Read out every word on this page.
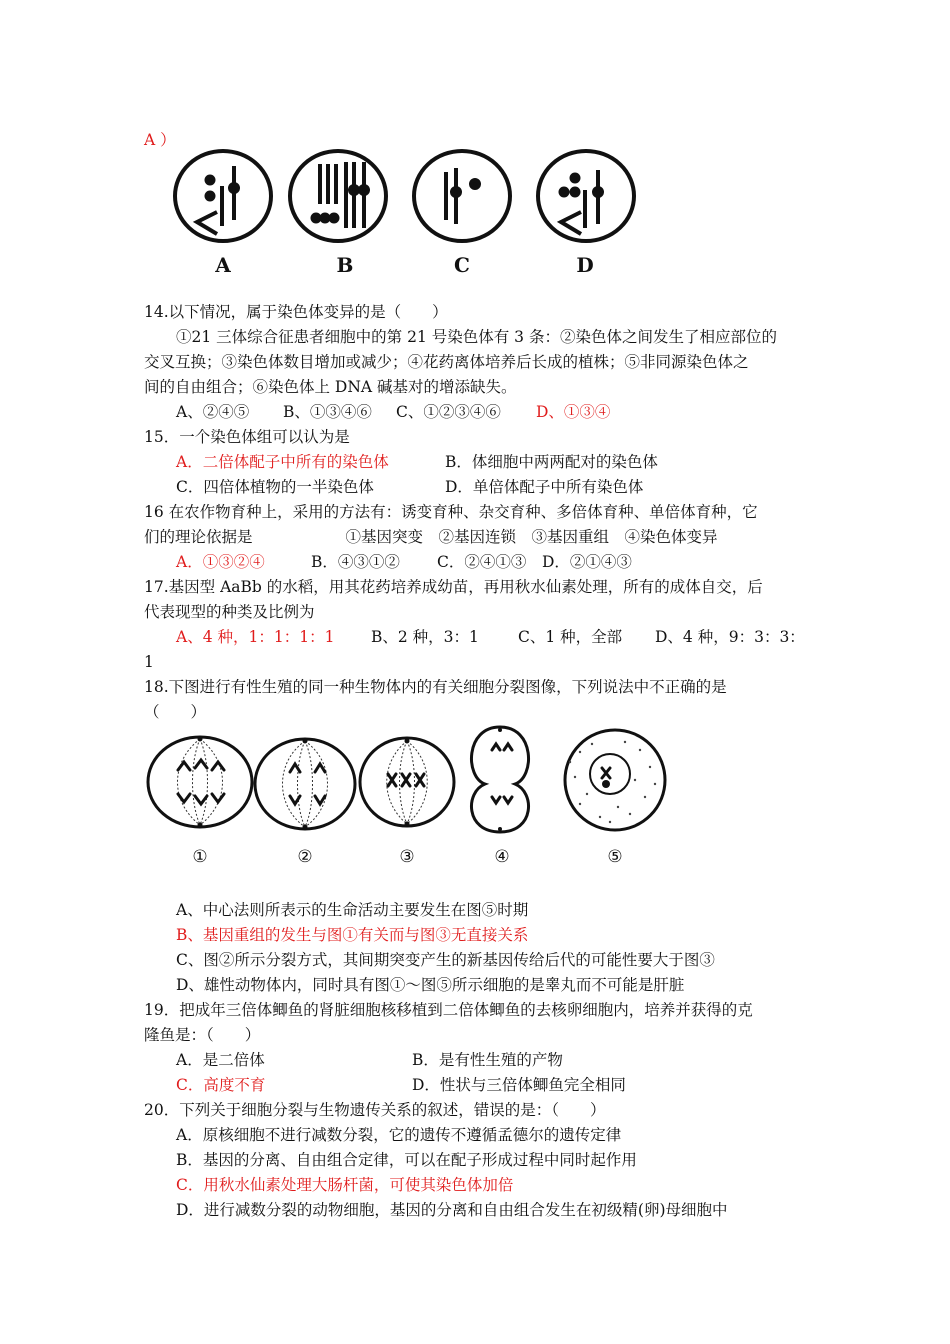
A ）
A	B	C	D
14.以下情况，属于染色体变异的是（　　）
①21 三体综合征患者细胞中的第 21 号染色体有 3 条：②染色体之间发生了相应部位的
交叉互换；③染色体数目增加或减少；④花药离体培养后长成的植株；⑤非同源染色体之
间的自由组合；⑥染色体上 DNA 碱基对的增添缺失。
A、②④⑤ B、①③④⑥ C、①②③④⑥ D、①③④
15．一个染色体组可以认为是
A．二倍体配子中所有的染色体	B．体细胞中两两配对的染色体
C．四倍体植物的一半染色体	D．单倍体配子中所有染色体
16 在农作物育种上，采用的方法有：诱变育种、杂交育种、多倍体育种、单倍体育种，它
们的理论依据是　　　　　　①基因突变　②基因连锁　③基因重组　④染色体变异
A．①③②④	B．④③①② C．②④①③ D．②①④③
17.基因型 AaBb 的水稻，用其花药培养成幼苗，再用秋水仙素处理，所有的成体自交，后
代表现型的种类及比例为
A、4 种，1：1：1：1 B、2 种，3：1	C、1 种，全部 D、4 种，9：3：3：
1
18.下图进行有性生殖的同一种生物体内的有关细胞分裂图像，下列说法中不正确的是
（　　）
①	②	③	④	⑤
A、中心法则所表示的生命活动主要发生在图⑤时期
B、基因重组的发生与图①有关而与图③无直接关系
C、图②所示分裂方式，其间期突变产生的新基因传给后代的可能性要大于图③
D、雄性动物体内，同时具有图①～图⑤所示细胞的是睾丸而不可能是肝脏
19．把成年三倍体鲫鱼的肾脏细胞核移植到二倍体鲫鱼的去核卵细胞内，培养并获得的克
隆鱼是：（　　）
A．是二倍体	B．是有性生殖的产物
C．高度不育	D．性状与三倍体鲫鱼完全相同
20．下列关于细胞分裂与生物遗传关系的叙述，错误的是：（　　）
A．原核细胞不进行减数分裂，它的遗传不遵循孟德尔的遗传定律
B．基因的分离、自由组合定律，可以在配子形成过程中同时起作用
C．用秋水仙素处理大肠杆菌，可使其染色体加倍
D．进行减数分裂的动物细胞，基因的分离和自由组合发生在初级精(卵)母细胞中
